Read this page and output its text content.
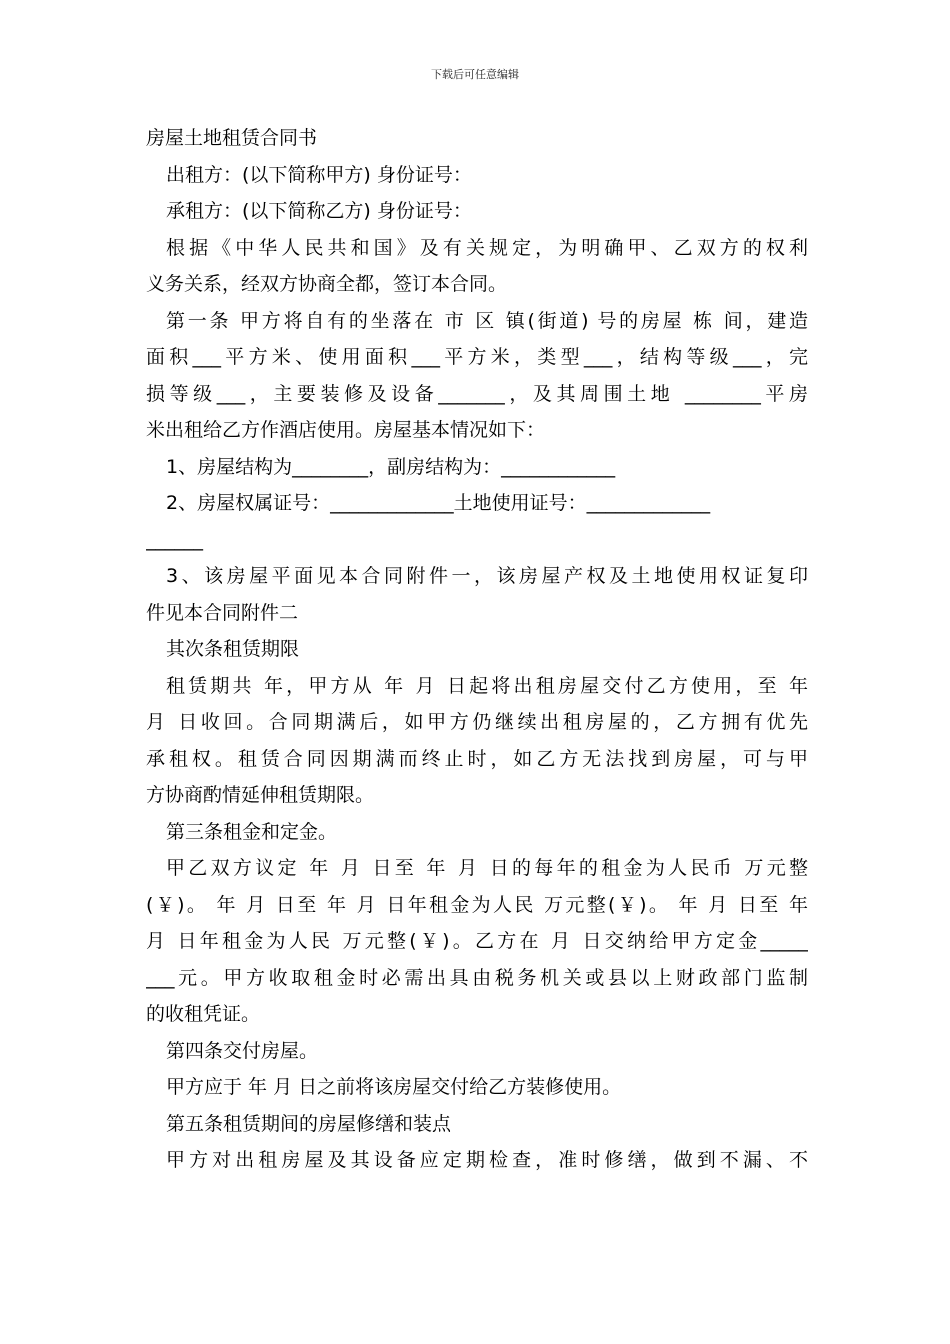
下载后可任意编辑
房屋土地租赁合同书
出租方：(以下简称甲方) 身份证号：
承租方：(以下简称乙方) 身份证号：
根据《中华人民共和国》及有关规定，为明确甲、乙双方的权利
义务关系，经双方协商全都，签订本合同。
第一条 甲方将自有的坐落在 市 区 镇(街道) 号的房屋 栋 间，建造
面积___平方米、使用面积___平方米，类型___，结构等级___，完
损等级___，主要装修及设备_______，及其周围土地 ________平房
米出租给乙方作酒店使用。房屋基本情况如下：
1、房屋结构为________，副房结构为：____________
2、房屋权属证号：_____________土地使用证号：_____________
______
3、该房屋平面见本合同附件一，该房屋产权及土地使用权证复印
件见本合同附件二
其次条租赁期限
租赁期共 年，甲方从 年 月 日起将出租房屋交付乙方使用，至 年
月 日收回。合同期满后，如甲方仍继续出租房屋的，乙方拥有优先
承租权。租赁合同因期满而终止时，如乙方无法找到房屋，可与甲
方协商酌情延伸租赁期限。
第三条租金和定金。
甲乙双方议定 年 月 日至 年 月 日的每年的租金为人民币 万元整
(￥)。 年 月 日至 年 月 日年租金为人民 万元整(￥)。 年 月 日至 年
月 日年租金为人民 万元整(￥)。乙方在 月 日交纳给甲方定金_____
___元。甲方收取租金时必需出具由税务机关或县以上财政部门监制
的收租凭证。
第四条交付房屋。
甲方应于 年 月 日之前将该房屋交付给乙方装修使用。
第五条租赁期间的房屋修缮和装点
甲方对出租房屋及其设备应定期检查，准时修缮，做到不漏、不
